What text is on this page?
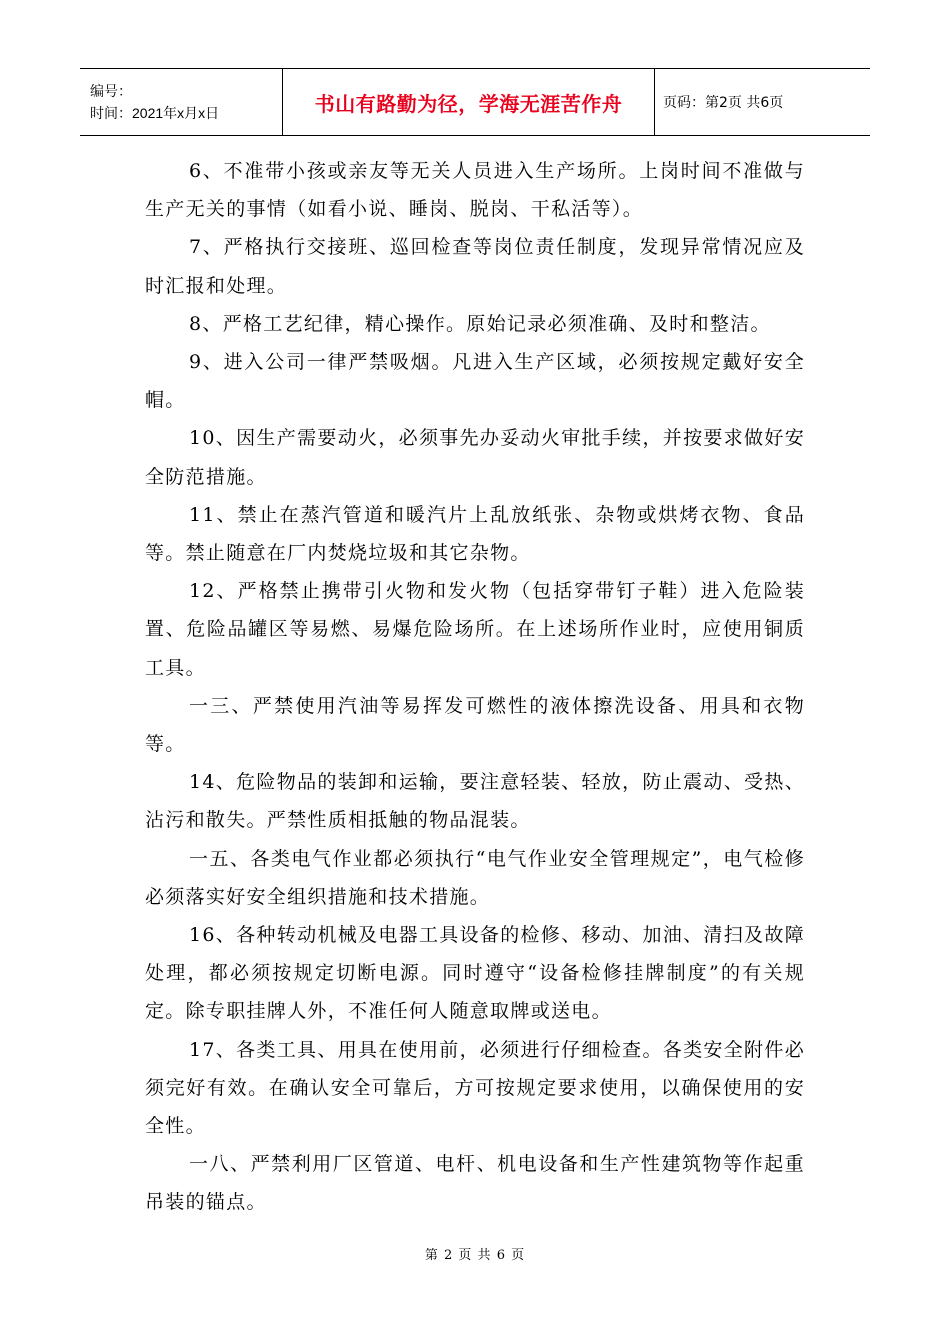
编号：
时间：2021年x月x日	书山有路勤为径，学海无涯苦作舟	页码：第2页 共6页

6、不准带小孩或亲友等无关人员进入生产场所。上岗时间不准做与生产无关的事情（如看小说、睡岗、脱岗、干私活等）。

7、严格执行交接班、巡回检查等岗位责任制度，发现异常情况应及时汇报和处理。

8、严格工艺纪律，精心操作。原始记录必须准确、及时和整洁。

9、进入公司一律严禁吸烟。凡进入生产区域，必须按规定戴好安全帽。

10、因生产需要动火，必须事先办妥动火审批手续，并按要求做好安全防范措施。

11、禁止在蒸汽管道和暖汽片上乱放纸张、杂物或烘烤衣物、食品等。禁止随意在厂内焚烧垃圾和其它杂物。

12、严格禁止携带引火物和发火物（包括穿带钉子鞋）进入危险装置、危险品罐区等易燃、易爆危险场所。在上述场所作业时，应使用铜质工具。

一三、严禁使用汽油等易挥发可燃性的液体擦洗设备、用具和衣物等。

14、危险物品的装卸和运输，要注意轻装、轻放，防止震动、受热、沾污和散失。严禁性质相抵触的物品混装。

一五、各类电气作业都必须执行“电气作业安全管理规定”，电气检修必须落实好安全组织措施和技术措施。

16、各种转动机械及电器工具设备的检修、移动、加油、清扫及故障处理，都必须按规定切断电源。同时遵守“设备检修挂牌制度”的有关规定。除专职挂牌人外，不准任何人随意取牌或送电。

17、各类工具、用具在使用前，必须进行仔细检查。各类安全附件必须完好有效。在确认安全可靠后，方可按规定要求使用，以确保使用的安全性。

一八、严禁利用厂区管道、电杆、机电设备和生产性建筑物等作起重吊装的锚点。

第 2 页 共 6 页
